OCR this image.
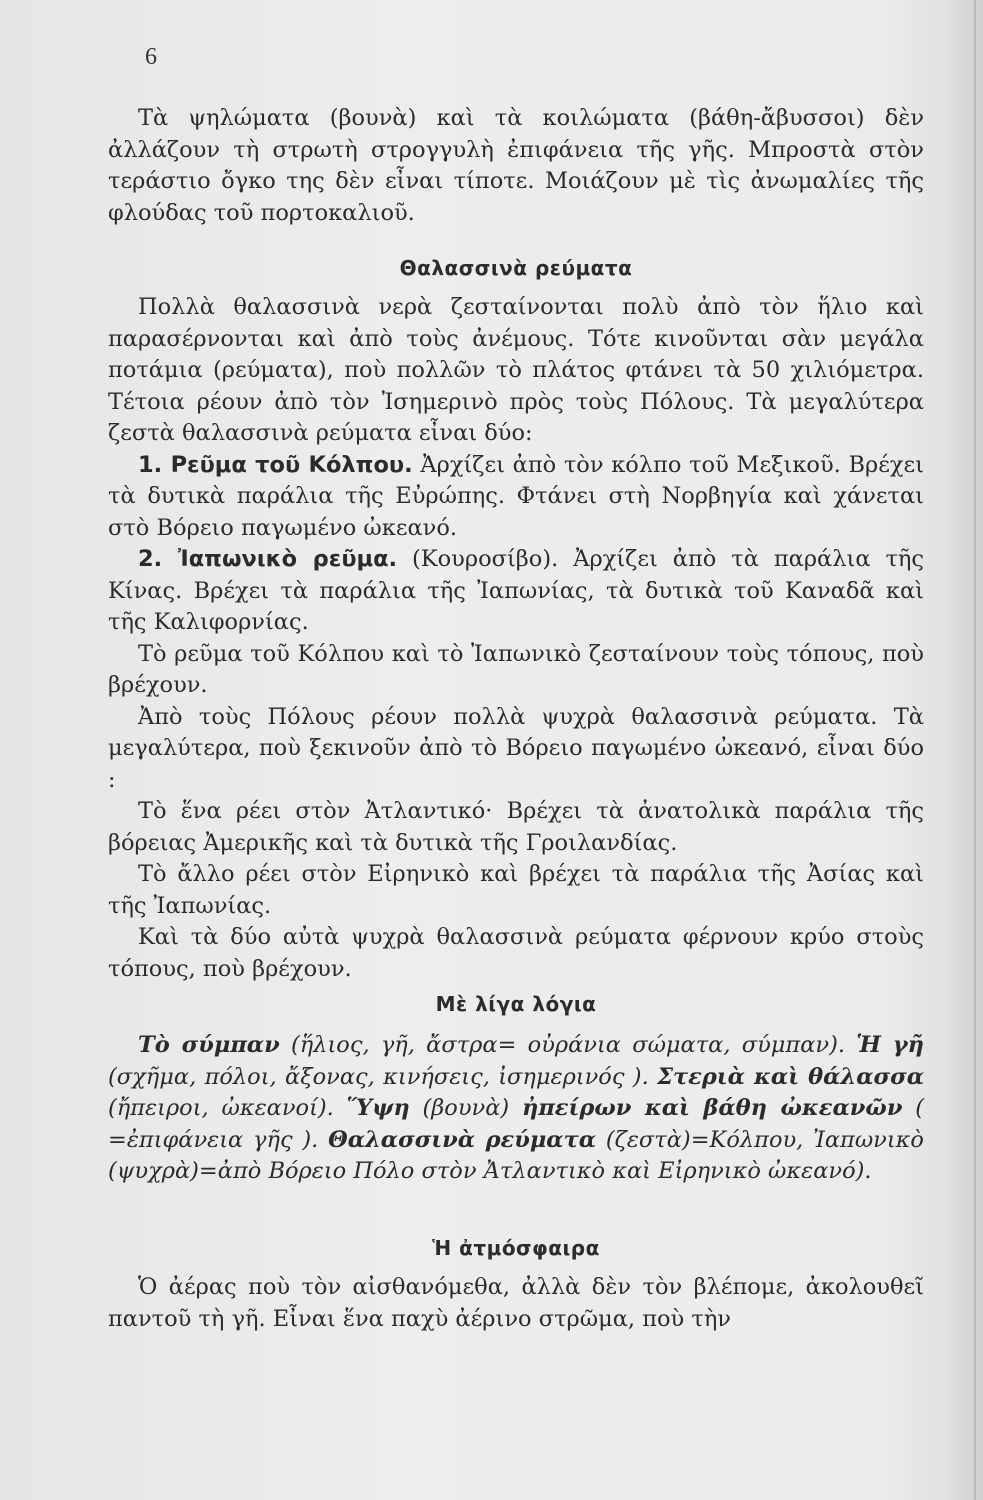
6

Τὰ ψηλώματα (βουνὰ) καὶ τὰ κοιλώματα (βάθη-ἄβυσσοι) δὲν ἀλλάζουν τὴ στρωτὴ στρογγυλὴ ἐπιφάνεια τῆς γῆς. Μπροστὰ στὸν τεράστιο ὄγκο της δὲν εἶναι τίποτε. Μοιάζουν μὲ τὶς ἀνωμαλίες τῆς φλούδας τοῦ πορτοκαλιοῦ.

Θαλασσινὰ ρεύματα

Πολλὰ θαλασσινὰ νερὰ ζεσταίνονται πολὺ ἀπὸ τὸν ἥλιο καὶ παρασέρνονται καὶ ἀπὸ τοὺς ἀνέμους. Τότε κινοῦνται σὰν μεγάλα ποτάμια (ρεύματα), ποὺ πολλῶν τὸ πλάτος φτάνει τὰ 50 χιλιόμετρα. Τέτοια ρέουν ἀπὸ τὸν Ἰσημερινὸ πρὸς τοὺς Πόλους. Τὰ μεγαλύτερα ζεστὰ θαλασσινὰ ρεύματα εἶναι δύο:

1. Ρεῦμα τοῦ Κόλπου. Ἀρχίζει ἀπὸ τὸν κόλπο τοῦ Μεξικοῦ. Βρέχει τὰ δυτικὰ παράλια τῆς Εὐρώπης. Φτάνει στὴ Νορβηγία καὶ χάνεται στὸ Βόρειο παγωμένο ὠκεανό.

2. Ἰαπωνικὸ ρεῦμα. (Κουροσίβο). Ἀρχίζει ἀπὸ τὰ παράλια τῆς Κίνας. Βρέχει τὰ παράλια τῆς Ἰαπωνίας, τὰ δυτικὰ τοῦ Καναδᾶ καὶ τῆς Καλιφορνίας.

Τὸ ρεῦμα τοῦ Κόλπου καὶ τὸ Ἰαπωνικὸ ζεσταίνουν τοὺς τόπους, ποὺ βρέχουν.

Ἀπὸ τοὺς Πόλους ρέουν πολλὰ ψυχρὰ θαλασσινὰ ρεύματα. Τὰ μεγαλύτερα, ποὺ ξεκινοῦν ἀπὸ τὸ Βόρειο παγωμένο ὠκεανό, εἶναι δύο :

Τὸ ἕνα ρέει στὸν Ἀτλαντικό· Βρέχει τὰ ἀνατολικὰ παράλια τῆς βόρειας Ἀμερικῆς καὶ τὰ δυτικὰ τῆς Γροιλανδίας.

Τὸ ἄλλο ρέει στὸν Εἰρηνικὸ καὶ βρέχει τὰ παράλια τῆς Ἀσίας καὶ τῆς Ἰαπωνίας.

Καὶ τὰ δύο αὐτὰ ψυχρὰ θαλασσινὰ ρεύματα φέρνουν κρύο στοὺς τόπους, ποὺ βρέχουν.

Μὲ λίγα λόγια

Τὸ σύμπαν (ἥλιος, γῆ, ἄστρα= οὐράνια σώματα, σύμπαν). Ἡ γῆ (σχῆμα, πόλοι, ἄξονας, κινήσεις, ἰσημερινός ). Στεριὰ καὶ θάλασσα (ἤπειροι, ὠκεανοί). Ὕψη (βουνὰ) ἠπείρων καὶ βάθη ὠκεανῶν ( =ἐπιφάνεια γῆς ). Θαλασσινὰ ρεύματα (ζεστὰ)=Κόλπου, Ἰαπωνικὸ (ψυχρὰ)=ἀπὸ Βόρειο Πόλο στὸν Ἀτλαντικὸ καὶ Εἰρηνικὸ ὠκεανό).

Ἡ ἀτμόσφαιρα

Ὁ ἀέρας ποὺ τὸν αἰσθανόμεθα, ἀλλὰ δὲν τὸν βλέπομε, ἀκολουθεῖ παντοῦ τὴ γῆ. Εἶναι ἕνα παχὺ ἀέρινο στρῶμα, ποὺ τὴν
